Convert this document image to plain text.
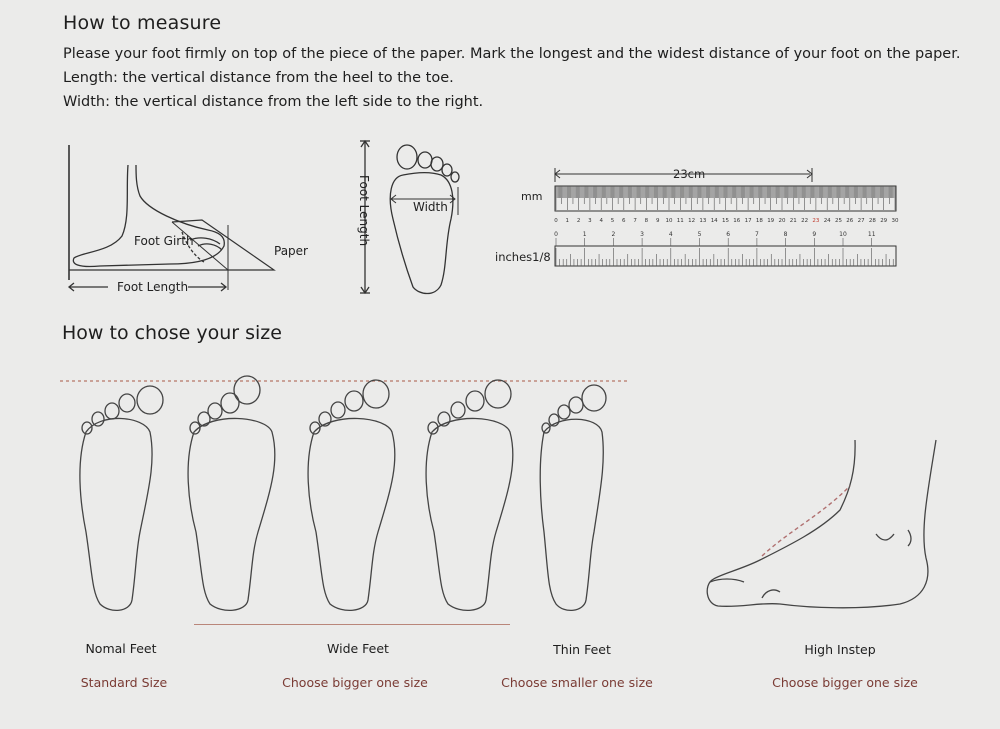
How to measure
Please your foot firmly on top of the piece of the paper. Mark the longest and the widest distance of your foot on the paper.
Length: the vertical distance from the heel to the toe.
Width: the vertical distance from the left side to the right.
Foot Girth
Paper
Foot Length
Foot Length	Width
mm
inches1/8
23cm
0 1 2 3 4 5 6 7 8 9 10 11 12 13 14 15 16 17 18 19 20 21 22 23 24 25 26 27 28 29 30
0	1	2	3	4	5	6	7	8	9	10	11
How to chose your size
Nomal Feet	Wide Feet	Thin Feet	High Instep
Standard Size	Choose bigger one size	Choose smaller one size	Choose bigger one size
